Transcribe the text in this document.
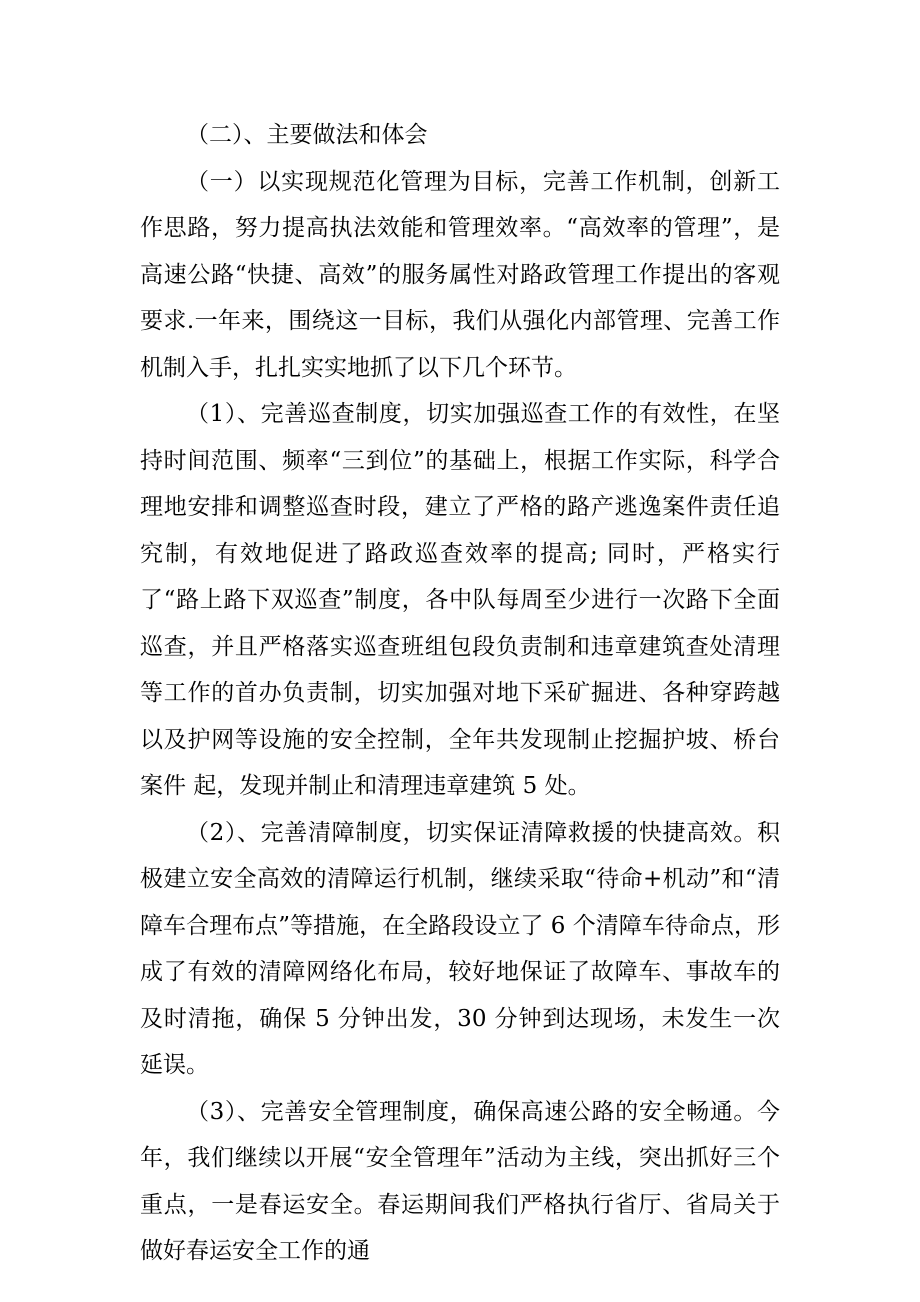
（二）、主要做法和体会

（一）以实现规范化管理为目标，完善工作机制，创新工作思路，努力提高执法效能和管理效率。“高效率的管理”，是高速公路“快捷、高效”的服务属性对路政管理工作提出的客观要求.一年来，围绕这一目标，我们从强化内部管理、完善工作机制入手，扎扎实实地抓了以下几个环节。

（1）、完善巡查制度，切实加强巡查工作的有效性，在坚持时间范围、频率“三到位”的基础上，根据工作实际，科学合理地安排和调整巡查时段，建立了严格的路产逃逸案件责任追究制，有效地促进了路政巡查效率的提高; 同时，严格实行了“路上路下双巡查”制度，各中队每周至少进行一次路下全面巡查，并且严格落实巡查班组包段负责制和违章建筑查处清理等工作的首办负责制，切实加强对地下采矿掘进、各种穿跨越以及护网等设施的安全控制，全年共发现制止挖掘护坡、桥台案件 起，发现并制止和清理违章建筑 5 处。

（2）、完善清障制度，切实保证清障救援的快捷高效。积极建立安全高效的清障运行机制，继续采取“待命+机动”和“清障车合理布点”等措施，在全路段设立了 6 个清障车待命点，形成了有效的清障网络化布局，较好地保证了故障车、事故车的及时清拖，确保 5 分钟出发，30 分钟到达现场，未发生一次延误。

（3）、完善安全管理制度，确保高速公路的安全畅通。今年，我们继续以开展“安全管理年”活动为主线，突出抓好三个重点，一是春运安全。春运期间我们严格执行省厅、省局关于做好春运安全工作的通
